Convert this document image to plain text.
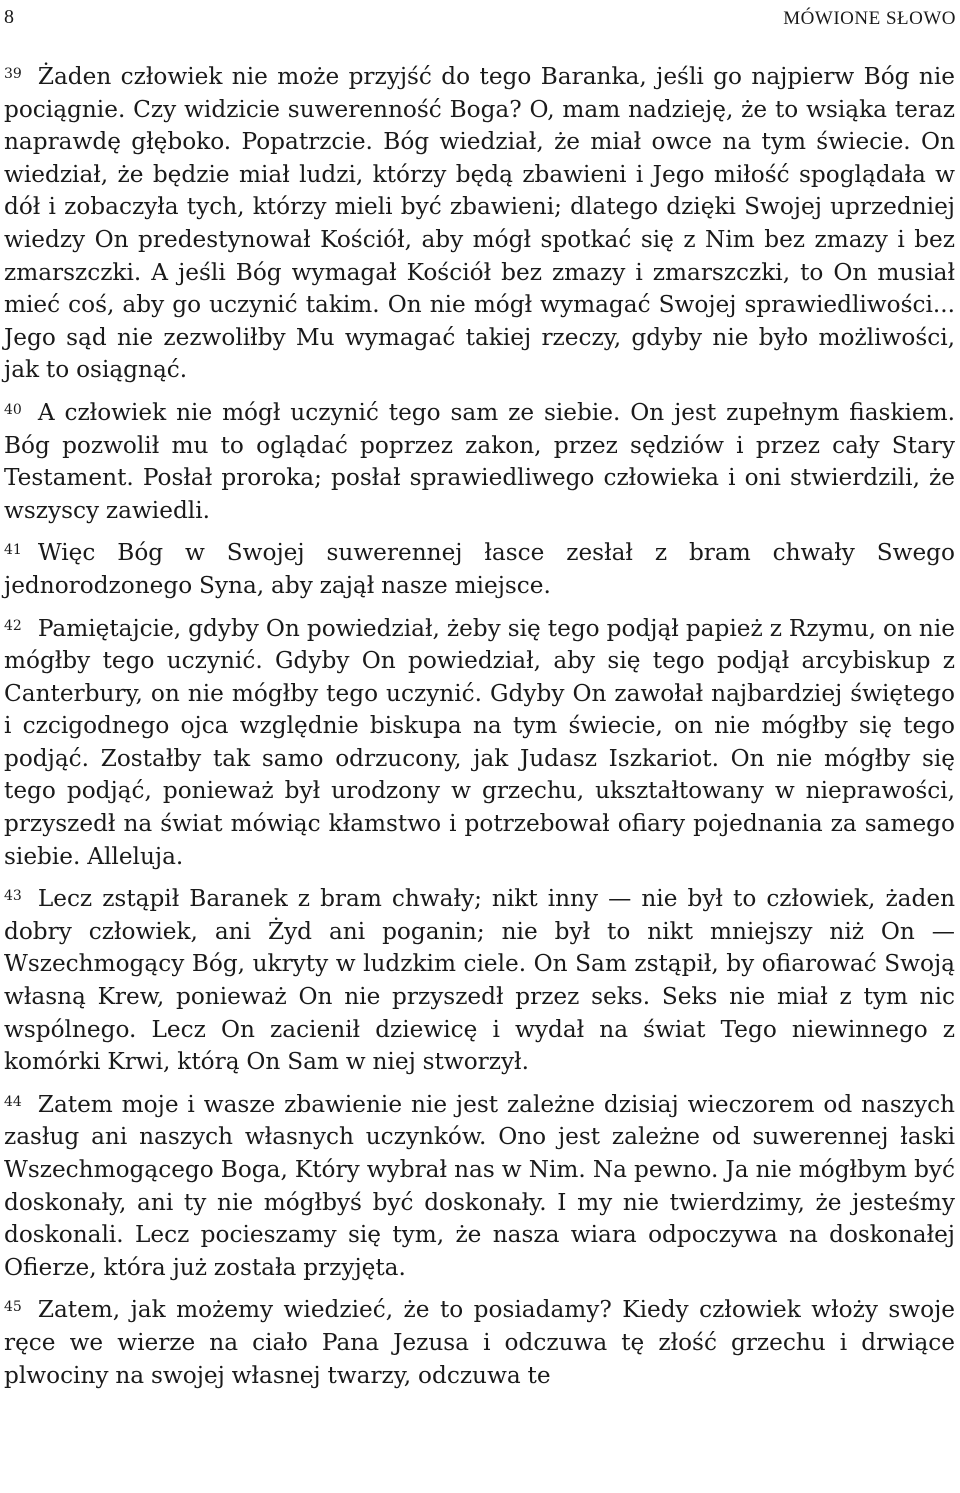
8	MÓWIONE SŁOWO

$^{39}$ Żaden człowiek nie może przyjść do tego Baranka, jeśli go najpierw Bóg nie pociągnie. Czy widzicie suwerenność Boga? O, mam nadzieję, że to wsiąka teraz naprawdę głęboko. Popatrzcie. Bóg wiedział, że miał owce na tym świecie. On wiedział, że będzie miał ludzi, którzy będą zbawieni i Jego miłość spoglądała w dół i zobaczyła tych, którzy mieli być zbawieni; dlatego dzięki Swojej uprzedniej wiedzy On predestynował Kościół, aby mógł spotkać się z Nim bez zmazy i bez zmarszczki. A jeśli Bóg wymagał Kościół bez zmazy i zmarszczki, to On musiał mieć coś, aby go uczynić takim. On nie mógł wymagać Swojej sprawiedliwości... Jego sąd nie zezwoliłby Mu wymagać takiej rzeczy, gdyby nie było możliwości, jak to osiągnąć.

$^{40}$ A człowiek nie mógł uczynić tego sam ze siebie. On jest zupełnym fiaskiem. Bóg pozwolił mu to oglądać poprzez zakon, przez sędziów i przez cały Stary Testament. Posłał proroka; posłał sprawiedliwego człowieka i oni stwierdzili, że wszyscy zawiedli.

$^{41}$ Więc Bóg w Swojej suwerennej łasce zesłał z bram chwały Swego jednorodzonego Syna, aby zajął nasze miejsce.

$^{42}$ Pamiętajcie, gdyby On powiedział, żeby się tego podjął papież z Rzymu, on nie mógłby tego uczynić. Gdyby On powiedział, aby się tego podjął arcybiskup z Canterbury, on nie mógłby tego uczynić. Gdyby On zawołał najbardziej świętego i czcigodnego ojca względnie biskupa na tym świecie, on nie mógłby się tego podjąć. Zostałby tak samo odrzucony, jak Judasz Iszkariot. On nie mógłby się tego podjąć, ponieważ był urodzony w grzechu, ukształtowany w nieprawości, przyszedł na świat mówiąc kłamstwo i potrzebował ofiary pojednania za samego siebie. Alleluja.

$^{43}$ Lecz zstąpił Baranek z bram chwały; nikt inny — nie był to człowiek, żaden dobry człowiek, ani Żyd ani poganin; nie był to nikt mniejszy niż On — Wszechmogący Bóg, ukryty w ludzkim ciele. On Sam zstąpił, by ofiarować Swoją własną Krew, ponieważ On nie przyszedł przez seks. Seks nie miał z tym nic wspólnego. Lecz On zacienił dziewicę i wydał na świat Tego niewinnego z komórki Krwi, którą On Sam w niej stworzył.

$^{44}$ Zatem moje i wasze zbawienie nie jest zależne dzisiaj wieczorem od naszych zasług ani naszych własnych uczynków. Ono jest zależne od suwerennej łaski Wszechmogącego Boga, Który wybrał nas w Nim. Na pewno. Ja nie mógłbym być doskonały, ani ty nie mógłbyś być doskonały. I my nie twierdzimy, że jesteśmy doskonali. Lecz pocieszamy się tym, że nasza wiara odpoczywa na doskonałej Ofierze, która już została przyjęta.

$^{45}$ Zatem, jak możemy wiedzieć, że to posiadamy? Kiedy człowiek włoży swoje ręce we wierze na ciało Pana Jezusa i odczuwa tę złość grzechu i drwiące plwociny na swojej własnej twarzy, odczuwa te
